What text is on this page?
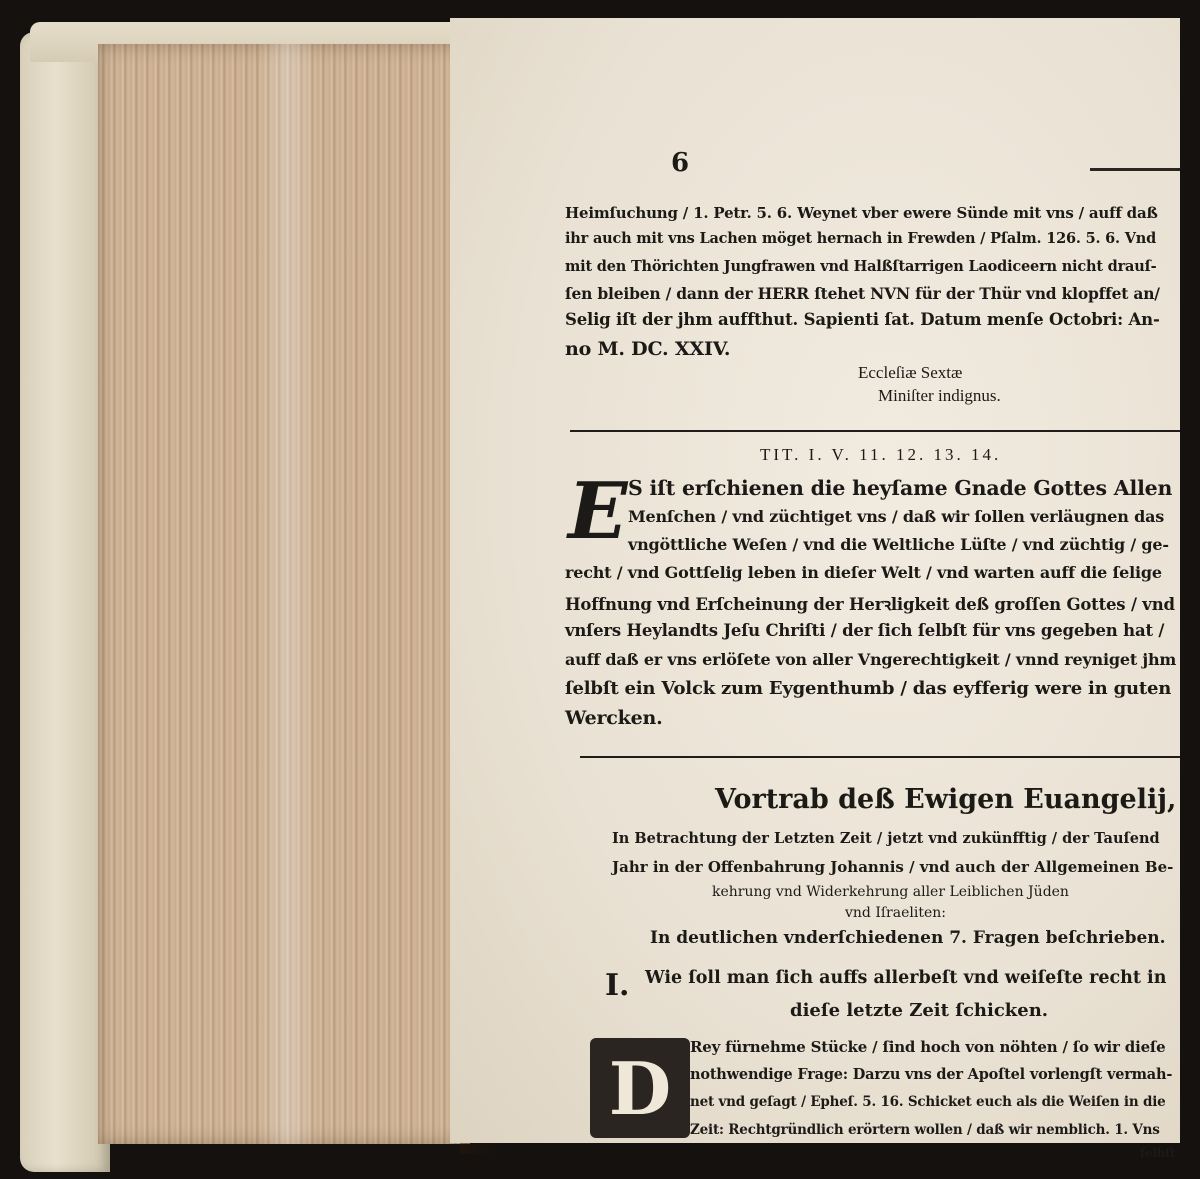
6
Heimſuchung / 1. Petr. 5. 6. Weynet vber ewere Sünde mit vns / auff daß
ihr auch mit vns Lachen möget hernach in Frewden / Pſalm. 126. 5. 6. Vnd
mit den Thörichten Jungfrawen vnd Halßſtarrigen Laodiceern nicht drauſ-
ſen bleiben / dann der HERR ſtehet NVN für der Thür vnd klopffet an/
Selig iſt der jhm auffthut. Sapienti ſat. Datum menſe Octobri: An-
no M. DC. XXIV.
Eccleſiæ Sextæ
Miniſter indignus.
TIT. I. V. 11. 12. 13. 14.
E S iſt erſchienen die heyſame Gnade Gottes Allen
Menſchen / vnd züchtiget vns / daß wir ſollen verläugnen das
vngöttliche Weſen / vnd die Weltliche Lüſte / vnd züchtig / ge-
recht / vnd Gottſelig leben in dieſer Welt / vnd warten auff die ſelige
Hoffnung vnd Erſcheinung der Herꝛligkeit deß groſſen Gottes / vnd
vnſers Heylandts Jeſu Chriſti / der ſich ſelbſt für vns gegeben hat /
auff daß er vns erlöſete von aller Vngerechtigkeit / vnnd reyniget jhm
ſelbſt ein Volck zum Eygenthumb / das eyfferig were in guten
Wercken.
Vortrab deß Ewigen Euangelij,
In Betrachtung der Letzten Zeit / jetzt vnd zukünfftig / der Tauſend
Jahr in der Offenbahrung Johannis / vnd auch der Allgemeinen Be-
kehrung vnd Widerkehrung aller Leiblichen Jüden
vnd Iſraeliten:
In deutlichen vnderſchiedenen 7. Fragen beſchrieben.
I. Wie ſoll man ſich auffs allerbeſt vnd weiſeſte recht in
dieſe letzte Zeit ſchicken.
D	Rey fürnehme Stücke / ſind hoch von nöhten / ſo wir dieſe
nothwendige Frage: Darzu vns der Apoſtel vorlengſt vermah-
net vnd geſagt / Epheſ. 5. 16. Schicket euch als die Weiſen in die
Zeit: Rechtgründlich erörtern wollen / daß wir nemblich. 1. Vns
ſelbſt
